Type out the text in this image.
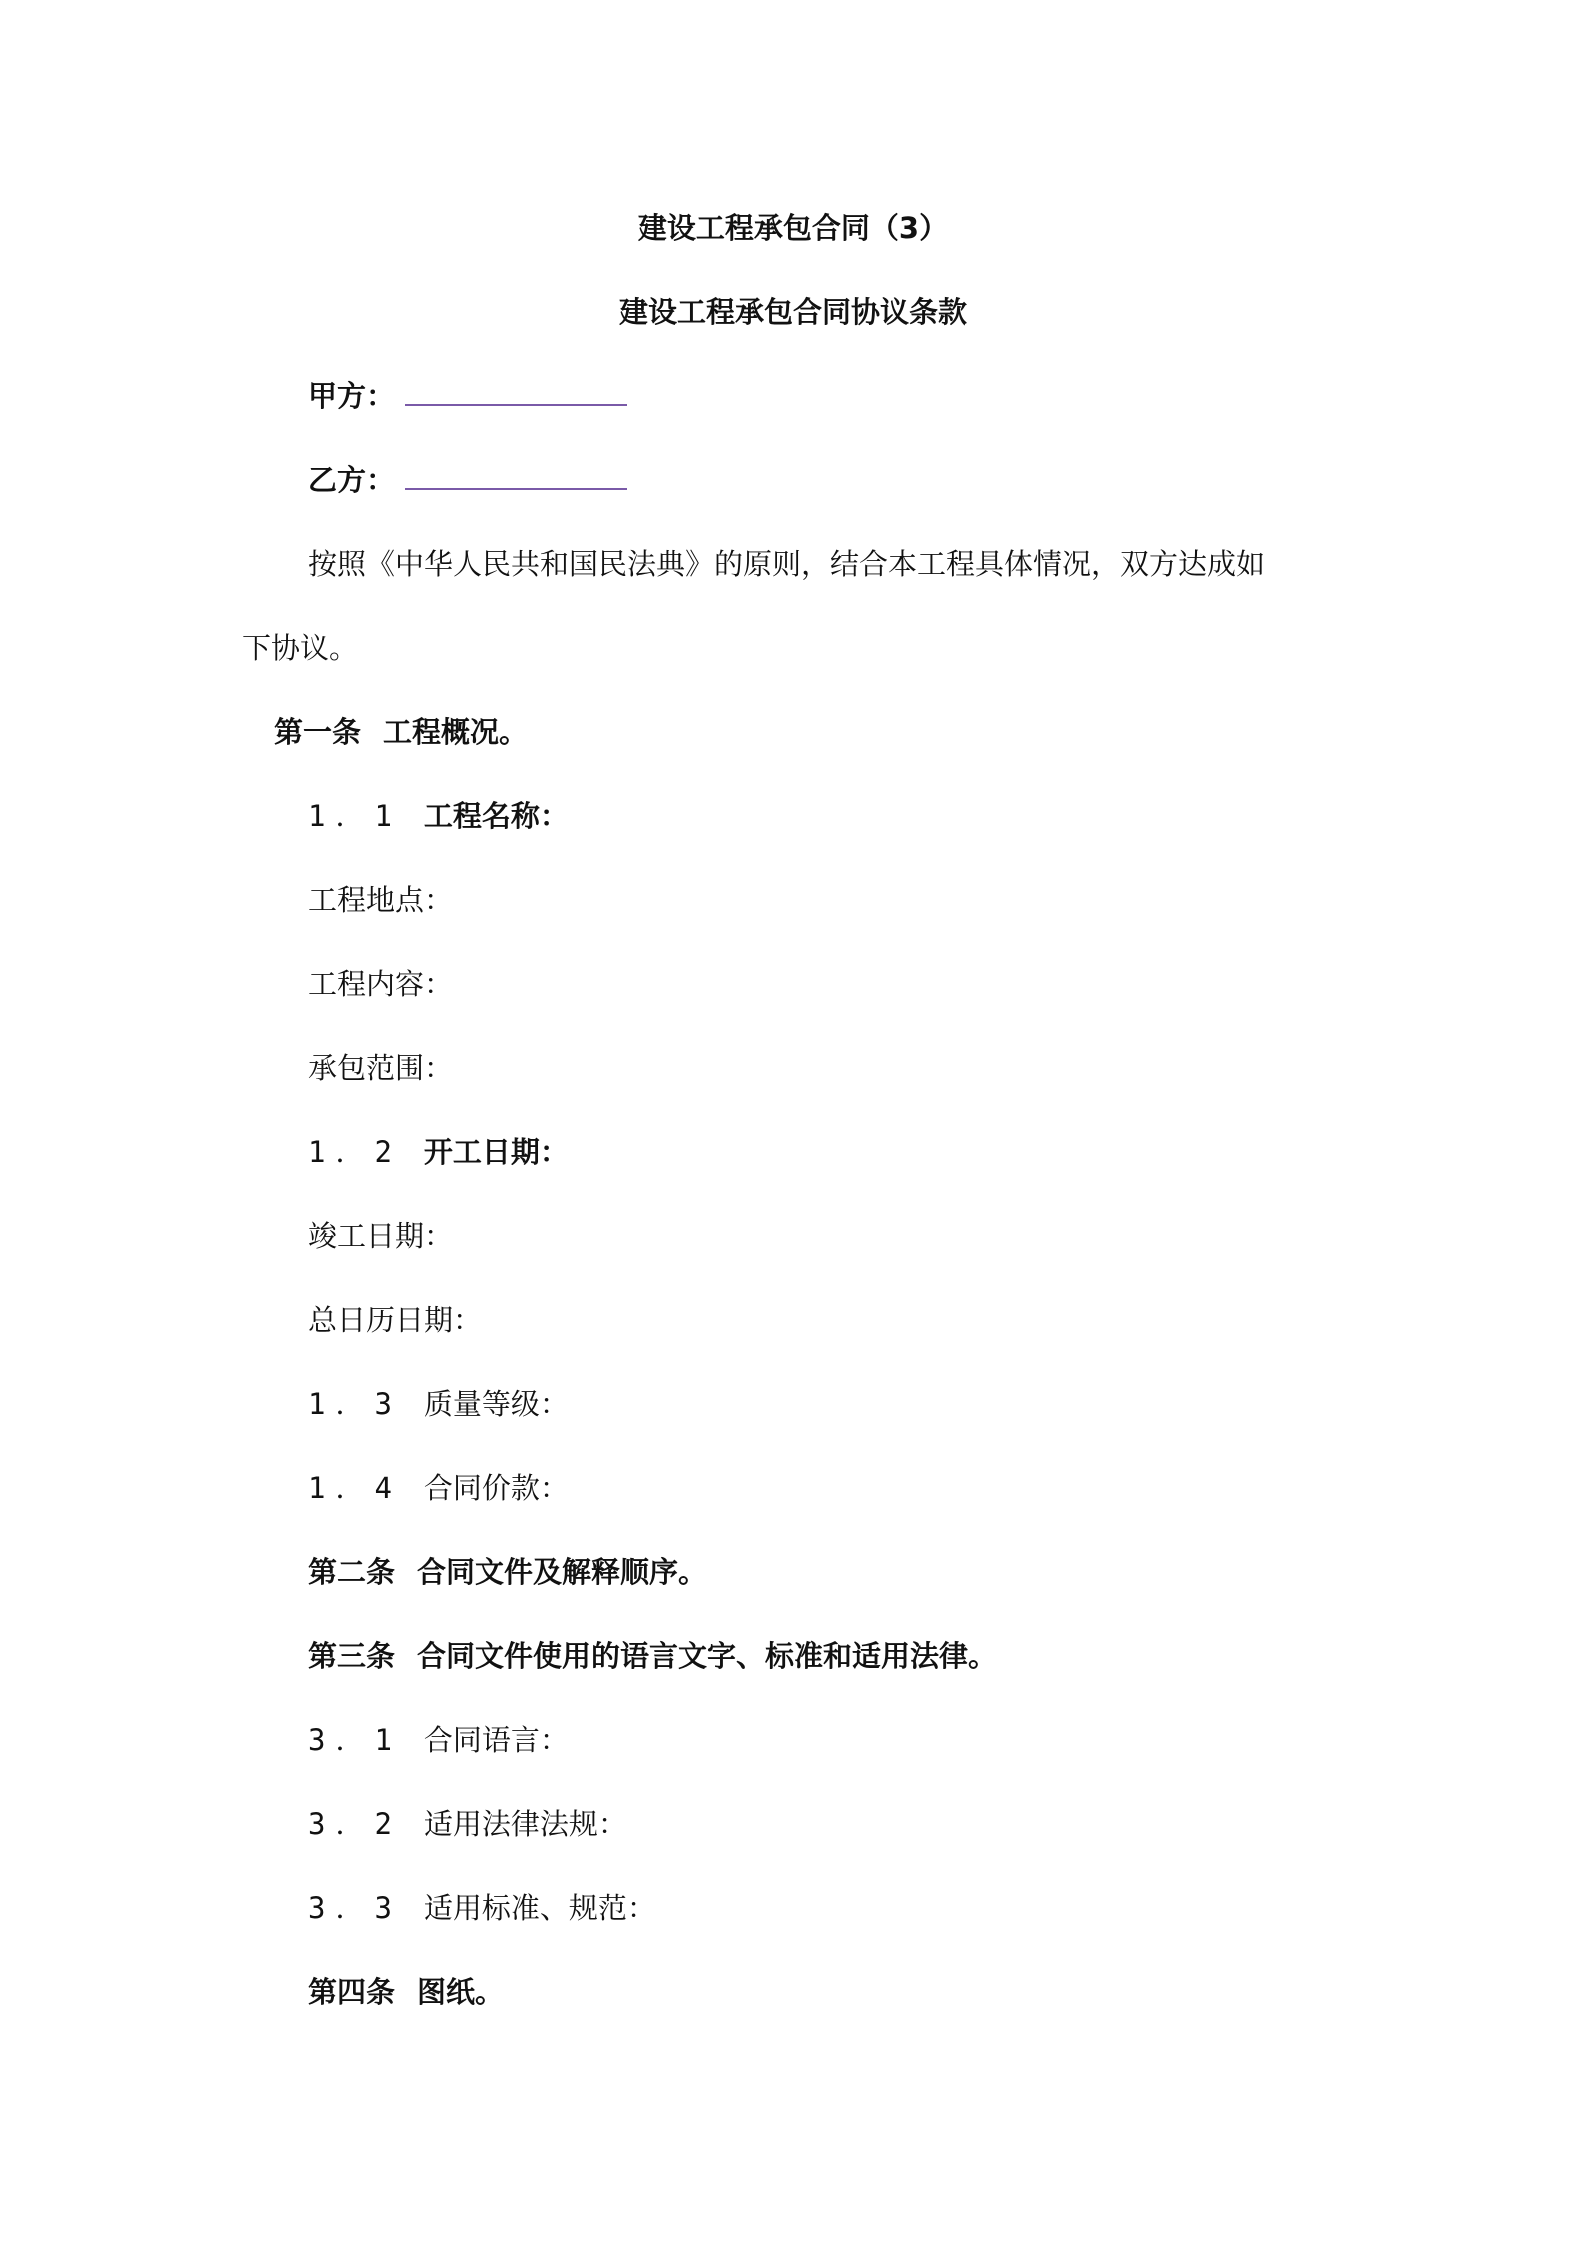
建设工程承包合同（3）
建设工程承包合同协议条款
甲方：
乙方：
按照《中华人民共和国民法典》的原则，结合本工程具体情况，双方达成如
下协议。
第一条 工程概况。
1．1 工程名称：
工程地点：
工程内容：
承包范围：
1．2 开工日期：
竣工日期：
总日历日期：
1．3 质量等级：
1．4 合同价款：
第二条 合同文件及解释顺序。
第三条 合同文件使用的语言文字、标准和适用法律。
3．1 合同语言：
3．2 适用法律法规：
3．3 适用标准、规范：
第四条 图纸。
